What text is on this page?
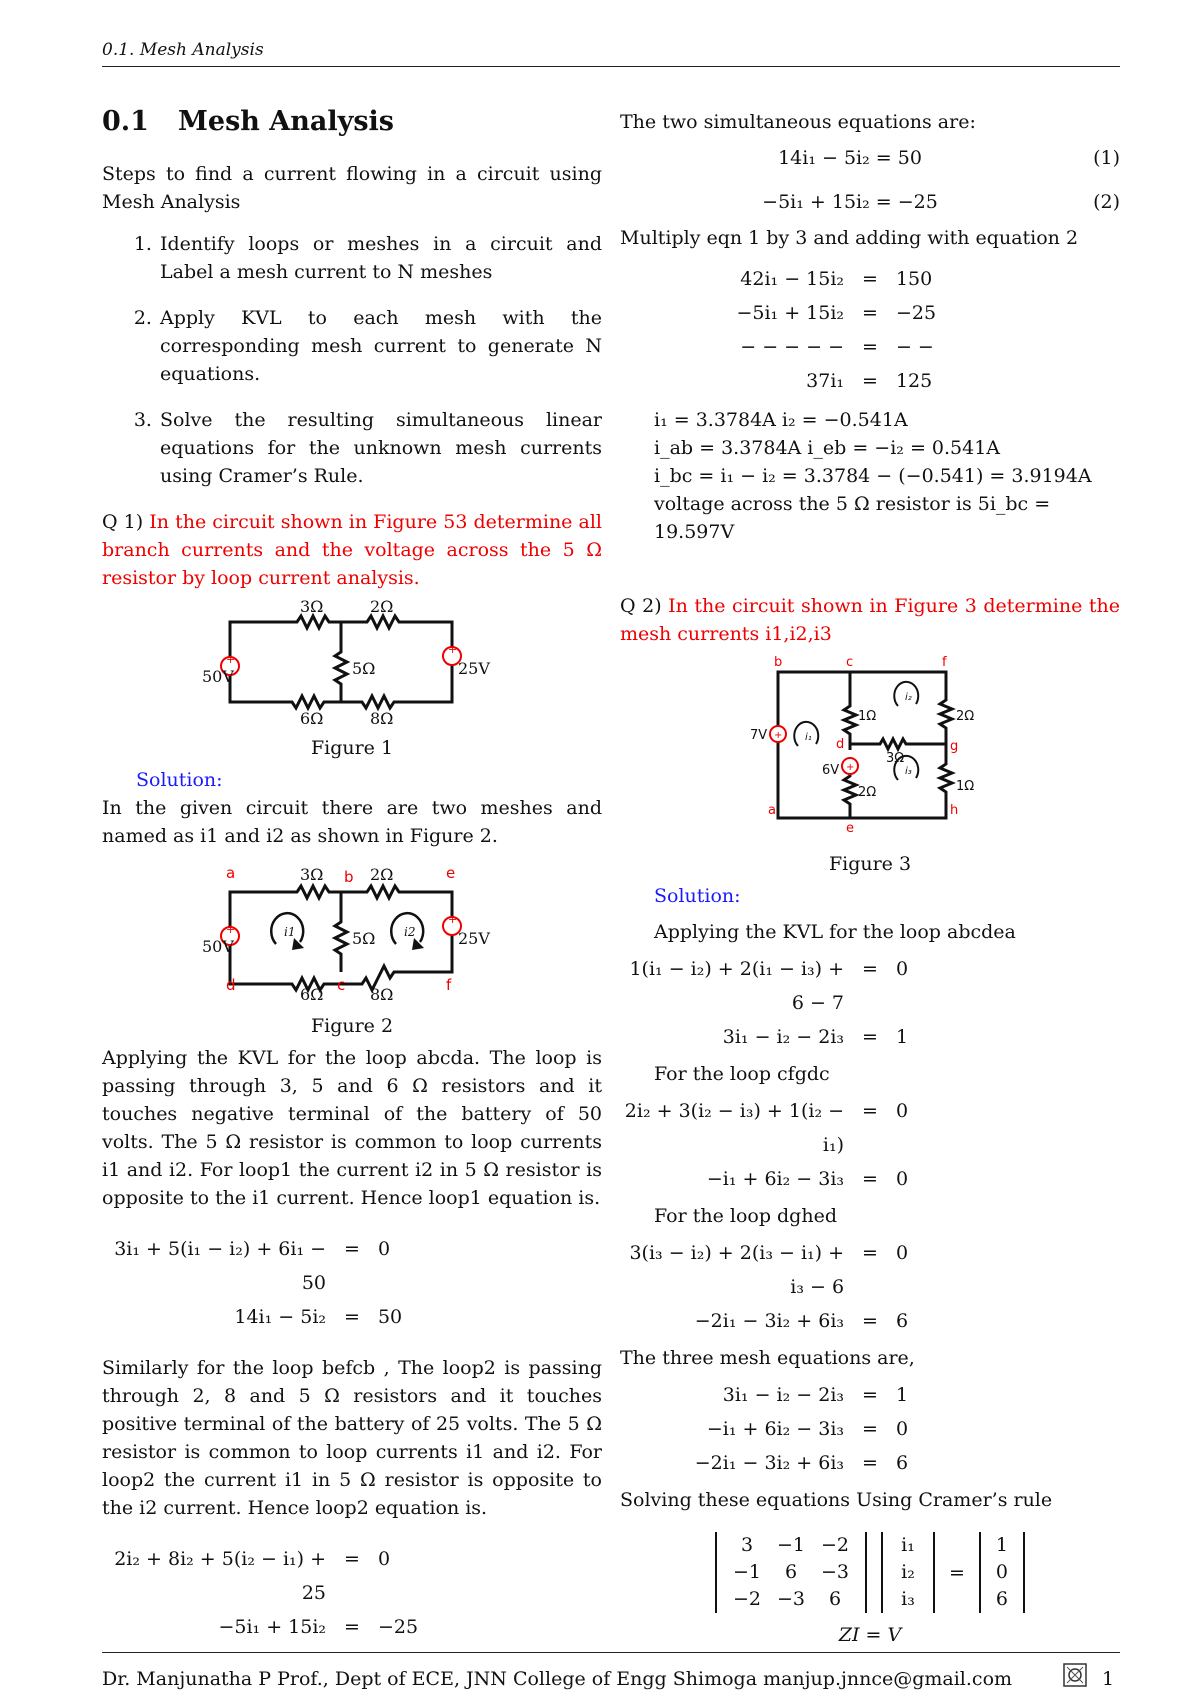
0.1. Mesh Analysis
0.1 Mesh Analysis

Steps to find a current flowing in a circuit using Mesh Analysis

1. Identify loops or meshes in a circuit and Label a mesh current to N meshes
2. Apply KVL to each mesh with the corresponding mesh current to generate N equations.
3. Solve the resulting simultaneous linear equations for the unknown mesh currents using Cramer’s Rule.

Q 1) In the circuit shown in Figure 53 determine all branch currents and the voltage across the 5 Ω resistor by loop current analysis.

+
+
3Ω	2Ω
5Ω
6Ω	8Ω
50V	25V
Figure 1
Solution:

In the given circuit there are two meshes and named as i1 and i2 as shown in Figure 2.

+
+
a	b	e
d	c	f
3Ω	2Ω
5Ω
6Ω	8Ω
50V	25V
i1	i2
Figure 2

Applying the KVL for the loop abcda. The loop is passing through 3, 5 and 6 Ω resistors and it touches negative terminal of the battery of 50 volts. The 5 Ω resistor is common to loop currents i1 and i2. For loop1 the current i2 in 5 Ω resistor is opposite to the i1 current. Hence loop1 equation is.

3i₁ + 5(i₁ − i₂) + 6i₁ − 50
= 0
14i₁ − 5i₂ = 50

Similarly for the loop befcb , The loop2 is passing through 2, 8 and 5 Ω resistors and it touches positive terminal of the battery of 25 volts. The 5 Ω resistor is common to loop currents i1 and i2. For loop2 the current i1 in 5 Ω resistor is opposite to the i2 current. Hence loop2 equation is.

2i₂ + 8i₂ + 5(i₂ − i₁) + 25
= 0
−5i₁ + 15i₂ = −25

The two simultaneous equations are:

14i₁ − 5i₂ = 50	(1)
−5i₁ + 15i₂ = −25	(2)

Multiply eqn 1 by 3 and adding with equation 2

42i₁ − 15i₂ = 150
−5i₁ + 15i₂ = −25
− − − − − = − −
37i₁ = 125
i₁ = 3.3784A i₂ = −0.541A
i_ab = 3.3784A i_eb = −i₂ = 0.541A
i_bc = i₁ − i₂ = 3.3784 − (−0.541) = 3.9194A
voltage across the 5 Ω resistor is 5i_bc = 19.597V

Q 2) In the circuit shown in Figure 3 determine the mesh currents i1,i2,i3

+
+
b	c	f
d	g
a
e
h
7V
6V
1Ω	2Ω
3Ω
2Ω	1Ω
i₁
i₂
i₃
Figure 3
Solution:
Applying the KVL for the loop abcdea
1(i₁ − i₂) + 2(i₁ − i₃) + 6 − 7
= 0
3i₁ − i₂ − 2i₃ = 1
For the loop cfgdc
2i₂ + 3(i₂ − i₃) + 1(i₂ − i₁)
= 0
−i₁ + 6i₂ − 3i₃ = 0
For the loop dghed
3(i₃ − i₂) + 2(i₃ − i₁) + i₃ − 6
= 0
−2i₁ − 3i₂ + 6i₃ = 6

The three mesh equations are,

3i₁ − i₂ − 2i₃ = 1
−i₁ + 6i₂ − 3i₃ = 0
−2i₁ − 3i₂ + 6i₃ = 6

Solving these equations Using Cramer’s rule

3	−1 −2
−1	6	−3
−2 −3	6
i₁
i₂
i₃
=
1
0
6
ZI = V
Dr. Manjunatha P Prof., Dept of ECE, JNN College of Engg Shimoga manjup.jnnce@gmail.com	1
